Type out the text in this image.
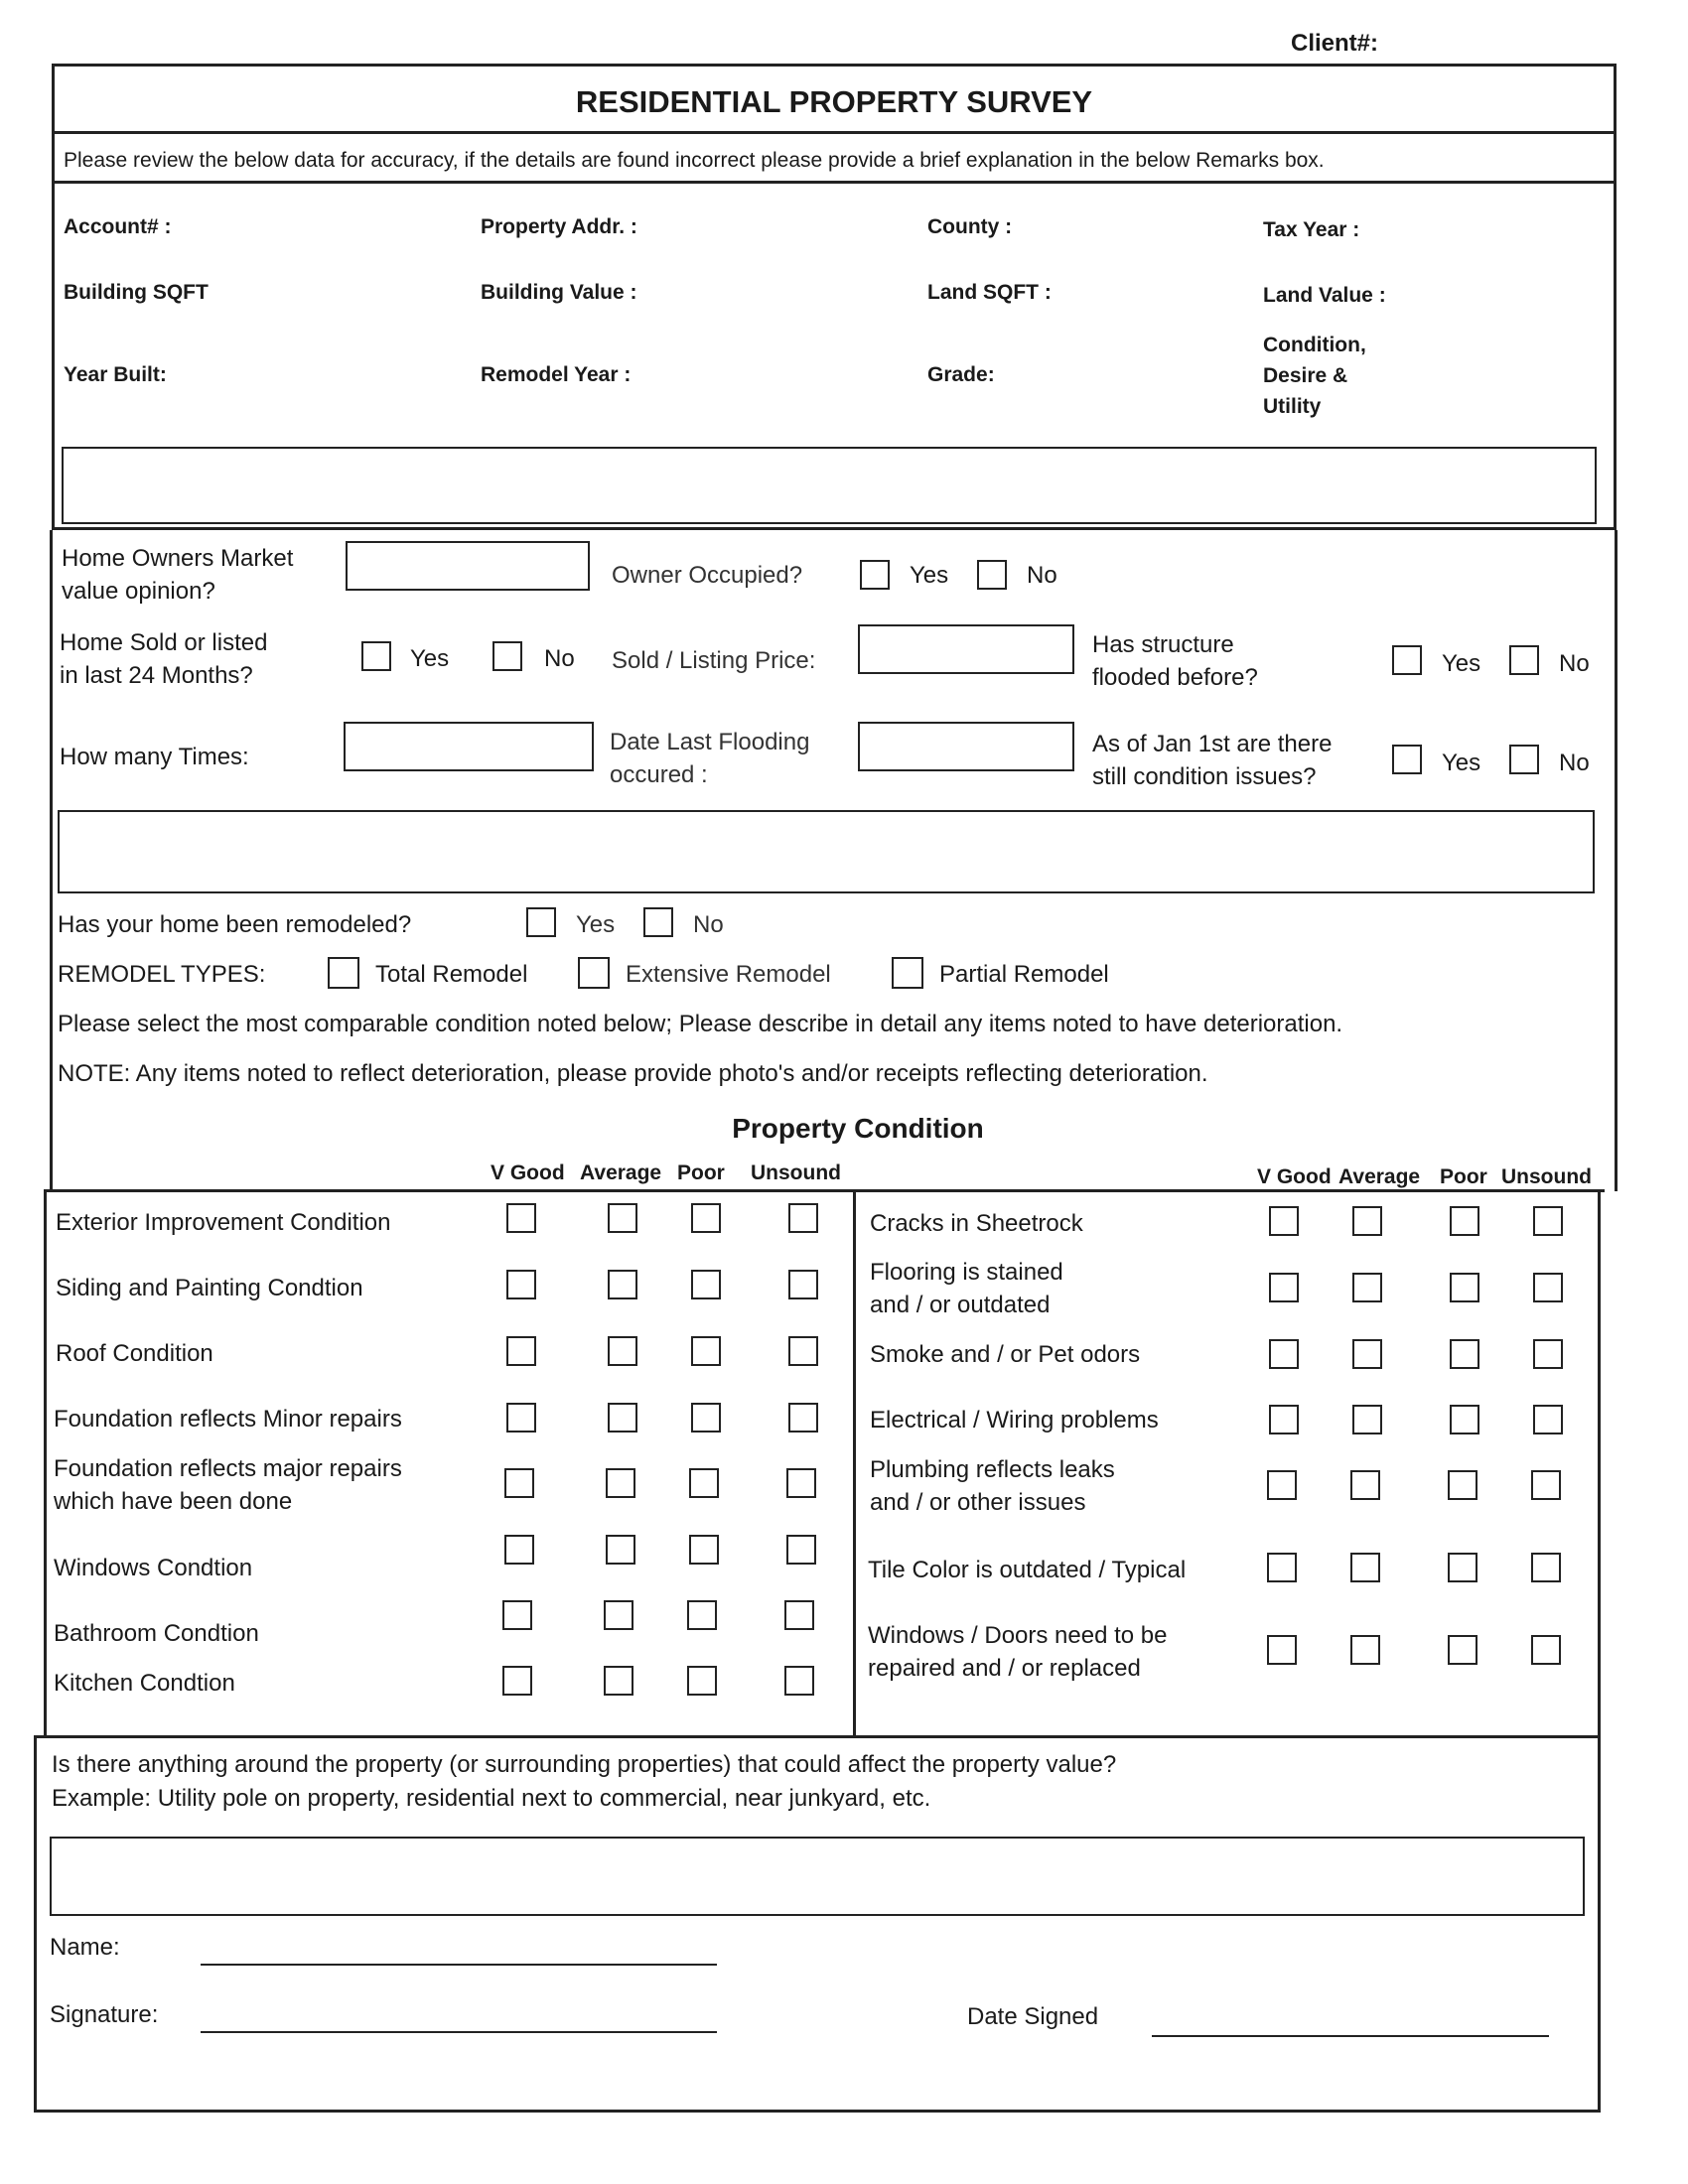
Client#:
RESIDENTIAL PROPERTY SURVEY
Please review the below data for accuracy, if the details are found incorrect please provide a brief explanation in the below Remarks box.
Account# :	Property Addr. :	County :	Tax Year :
Building SQFT	Building Value :	Land SQFT :	Land Value :
Year Built:	Remodel Year :	Grade:
Condition,
Desire &
Utility
Home Owners Market
value opinion?
Owner Occupied?	Yes	No
Home Sold or listed
in last 24 Months?
Yes	No Sold / Listing Price:
Has structure
flooded before?
Yes	No
How many Times:
Date Last Flooding
occured :
As of Jan 1st are there
still condition issues?
Yes	No
Has your home been remodeled?	Yes	No
REMODEL TYPES:	Total Remodel	Extensive Remodel	Partial Remodel
Please select the most comparable condition noted below; Please describe in detail any items noted to have deterioration.
NOTE: Any items noted to reflect deterioration, please provide photo's and/or receipts reflecting deterioration.
Property Condition
V Good Average Poor Unsound	V Good Average Poor Unsound
Exterior Improvement Condition
Siding and Painting Condtion
Roof Condition
Foundation reflects Minor repairs
Foundation reflects major repairs
which have been done
Windows Condtion
Bathroom Condtion
Kitchen Condtion
Cracks in Sheetrock
Flooring is stained
and / or outdated
Smoke and / or Pet odors
Electrical / Wiring problems
Plumbing reflects leaks
and / or other issues
Tile Color is outdated / Typical
Windows / Doors need to be
repaired and / or replaced
Is there anything around the property (or surrounding properties) that could affect the property value?
Example: Utility pole on property, residential next to commercial, near junkyard, etc.
Name:
Signature:	Date Signed
